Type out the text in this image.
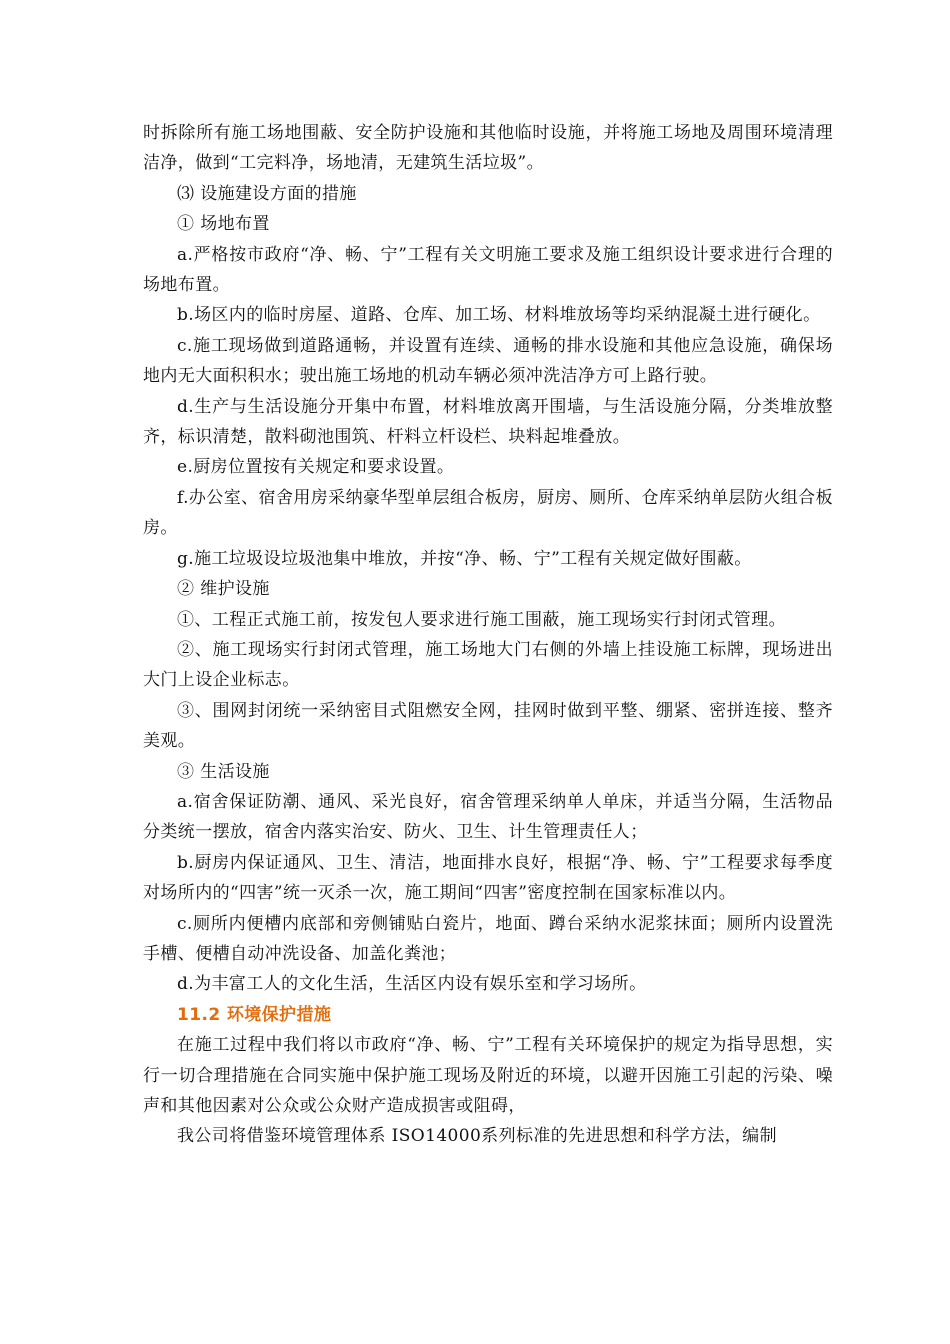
时拆除所有施工场地围蔽、安全防护设施和其他临时设施，并将施工场地及周围环境清理洁净，做到“工完料净，场地清，无建筑生活垃圾”。

⑶ 设施建设方面的措施

① 场地布置

a.严格按市政府“净、畅、宁”工程有关文明施工要求及施工组织设计要求进行合理的场地布置。

b.场区内的临时房屋、道路、仓库、加工场、材料堆放场等均采纳混凝土进行硬化。

c.施工现场做到道路通畅，并设置有连续、通畅的排水设施和其他应急设施，确保场地内无大面积积水；驶出施工场地的机动车辆必须冲洗洁净方可上路行驶。

d.生产与生活设施分开集中布置，材料堆放离开围墙，与生活设施分隔，分类堆放整齐，标识清楚，散料砌池围筑、杆料立杆设栏、块料起堆叠放。

e.厨房位置按有关规定和要求设置。

f.办公室、宿舍用房采纳豪华型单层组合板房，厨房、厕所、仓库采纳单层防火组合板房。

g.施工垃圾设垃圾池集中堆放，并按“净、畅、宁”工程有关规定做好围蔽。

② 维护设施

①、工程正式施工前，按发包人要求进行施工围蔽，施工现场实行封闭式管理。

②、施工现场实行封闭式管理，施工场地大门右侧的外墙上挂设施工标牌，现场进出大门上设企业标志。

③、围网封闭统一采纳密目式阻燃安全网，挂网时做到平整、绷紧、密拼连接、整齐美观。

③ 生活设施

a.宿舍保证防潮、通风、采光良好，宿舍管理采纳单人单床，并适当分隔，生活物品分类统一摆放，宿舍内落实治安、防火、卫生、计生管理责任人；

b.厨房内保证通风、卫生、清洁，地面排水良好，根据“净、畅、宁”工程要求每季度对场所内的“四害”统一灭杀一次，施工期间“四害”密度控制在国家标准以内。

c.厕所内便槽内底部和旁侧铺贴白瓷片，地面、蹲台采纳水泥浆抹面；厕所内设置洗手槽、便槽自动冲洗设备、加盖化粪池；

d.为丰富工人的文化生活，生活区内设有娱乐室和学习场所。

11.2 环境保护措施

在施工过程中我们将以市政府“净、畅、宁”工程有关环境保护的规定为指导思想，实行一切合理措施在合同实施中保护施工现场及附近的环境，以避开因施工引起的污染、噪声和其他因素对公众或公众财产造成损害或阻碍，

我公司将借鉴环境管理体系 ISO14000系列标准的先进思想和科学方法，编制
